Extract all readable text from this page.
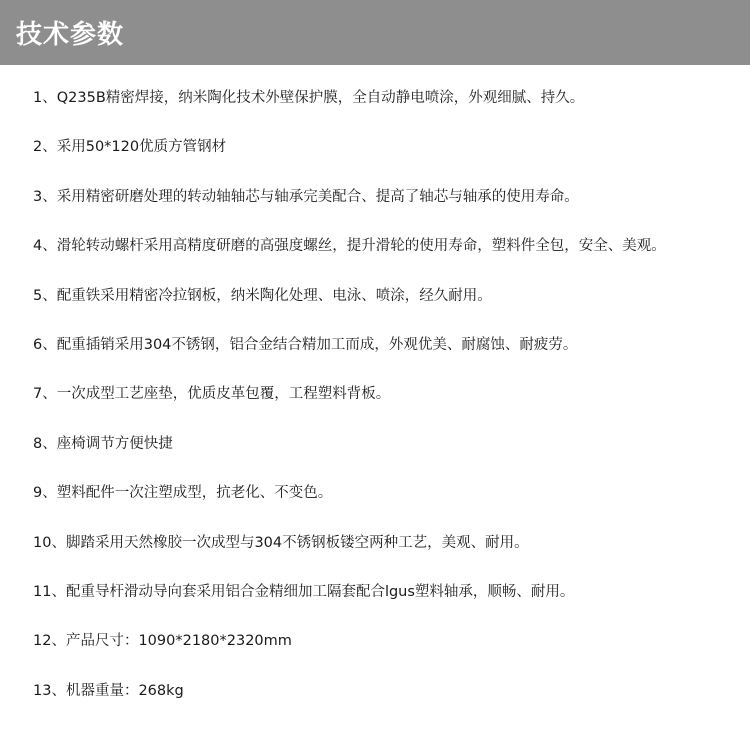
技术参数
1、 Q235B精密焊接，纳米陶化技术外壁保护膜，全自动静电喷涂，外观细腻、持久。
2、 采用50*120优质方管钢材
3、 采用精密研磨处理的转动轴轴芯与轴承完美配合、提高了轴芯与轴承的使用寿命。
4、 滑轮转动螺杆采用高精度研磨的高强度螺丝，提升滑轮的使用寿命，塑料件全包，安全、美观。
5、 配重铁采用精密冷拉钢板，纳米陶化处理、电泳、喷涂，经久耐用。
6、 配重插销采用304不锈钢，铝合金结合精加工而成，外观优美、耐腐蚀、耐疲劳。
7、 一次成型工艺座垫，优质皮革包覆，工程塑料背板。
8、 座椅调节方便快捷
9、 塑料配件一次注塑成型，抗老化、不变色。
10、 脚踏采用天然橡胶一次成型与304不锈钢板镂空两种工艺，美观、耐用。
11、 配重导杆滑动导向套采用铝合金精细加工隔套配合lgus塑料轴承，顺畅、耐用。
12、 产品尺寸：1090*2180*2320mm
13、 机器重量：268kg
